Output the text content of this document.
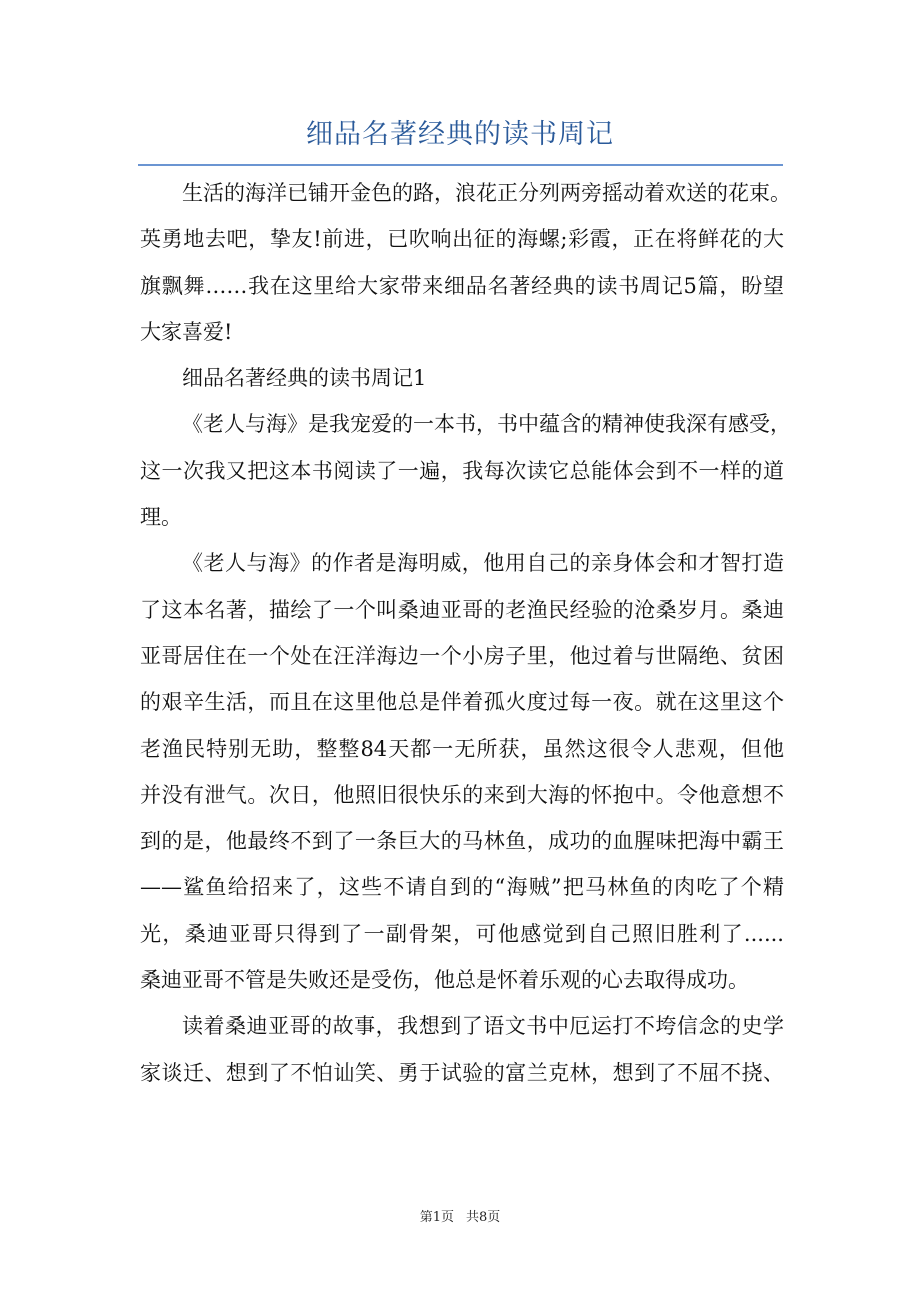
细品名著经典的读书周记
生活的海洋已铺开金色的路，浪花正分列两旁摇动着欢送的花束。
英勇地去吧，挚友!前进，已吹响出征的海螺;彩霞，正在将鲜花的大
旗飘舞……我在这里给大家带来细品名著经典的读书周记5篇，盼望
大家喜爱!
细品名著经典的读书周记1
《老人与海》是我宠爱的一本书，书中蕴含的精神使我深有感受，
这一次我又把这本书阅读了一遍，我每次读它总能体会到不一样的道
理。
《老人与海》的作者是海明威，他用自己的亲身体会和才智打造
了这本名著，描绘了一个叫桑迪亚哥的老渔民经验的沧桑岁月。桑迪
亚哥居住在一个处在汪洋海边一个小房子里，他过着与世隔绝、贫困
的艰辛生活，而且在这里他总是伴着孤火度过每一夜。就在这里这个
老渔民特别无助，整整84天都一无所获，虽然这很令人悲观，但他
并没有泄气。次日，他照旧很快乐的来到大海的怀抱中。令他意想不
到的是，他最终不到了一条巨大的马林鱼，成功的血腥味把海中霸王
——鲨鱼给招来了，这些不请自到的“海贼”把马林鱼的肉吃了个精
光，桑迪亚哥只得到了一副骨架，可他感觉到自己照旧胜利了......
桑迪亚哥不管是失败还是受伤，他总是怀着乐观的心去取得成功。
读着桑迪亚哥的故事，我想到了语文书中厄运打不垮信念的史学
家谈迁、想到了不怕讪笑、勇于试验的富兰克林，想到了不屈不挠、
第1页 共8页
